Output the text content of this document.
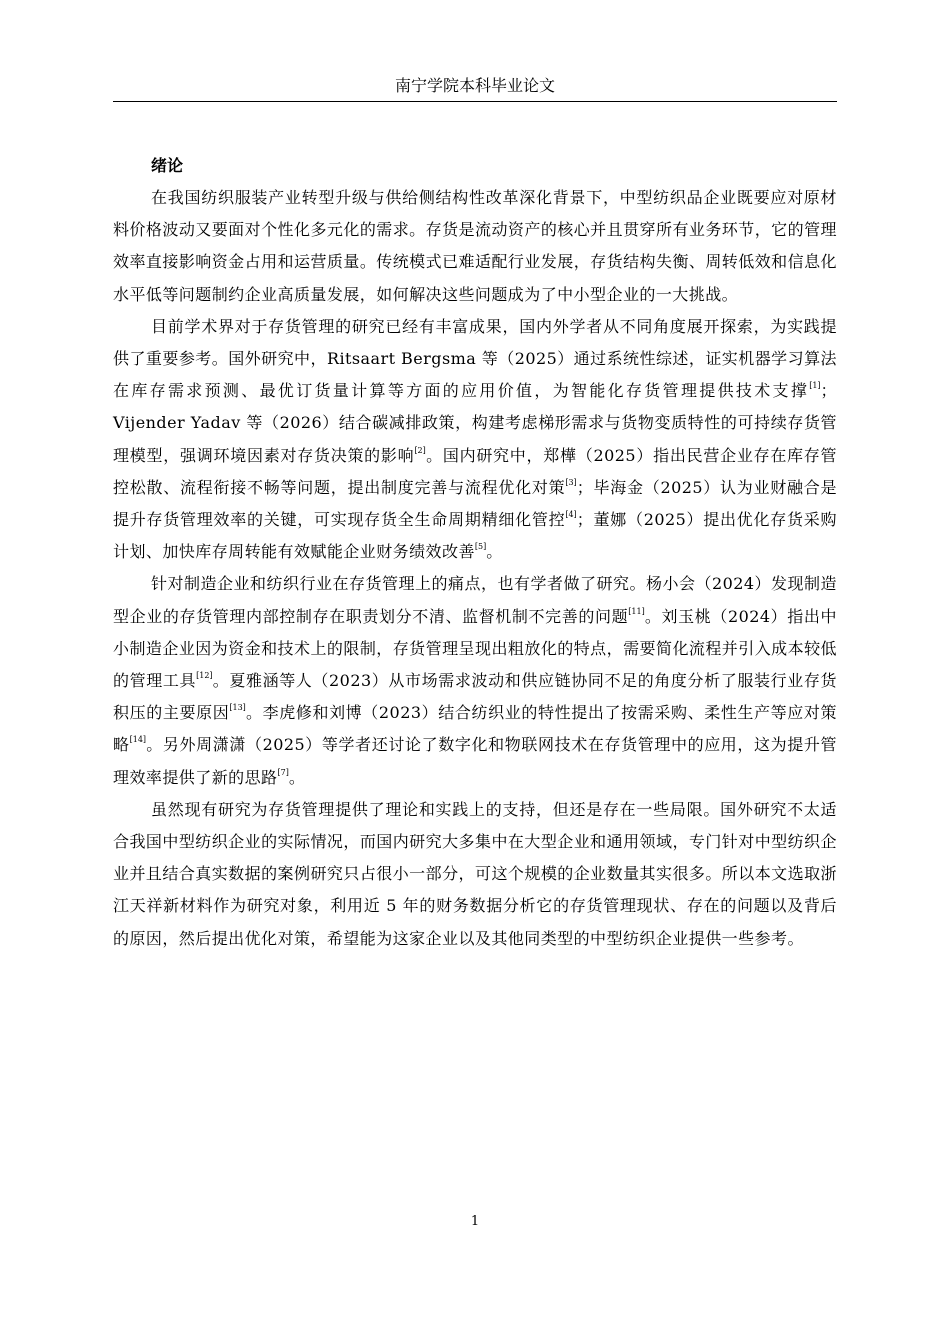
南宁学院本科毕业论文
绪论

在我国纺织服装产业转型升级与供给侧结构性改革深化背景下，中型纺织品企业既要应对原材料价格波动又要面对个性化多元化的需求。存货是流动资产的核心并且贯穿所有业务环节，它的管理效率直接影响资金占用和运营质量。传统模式已难适配行业发展，存货结构失衡、周转低效和信息化水平低等问题制约企业高质量发展，如何解决这些问题成为了中小型企业的一大挑战。

目前学术界对于存货管理的研究已经有丰富成果，国内外学者从不同角度展开探索，为实践提供了重要参考。国外研究中，Ritsaart Bergsma 等（2025）通过系统性综述，证实机器学习算法在库存需求预测、最优订货量计算等方面的应用价值，为智能化存货管理提供技术支撑[1]；Vijender Yadav 等（2026）结合碳减排政策，构建考虑梯形需求与货物变质特性的可持续存货管理模型，强调环境因素对存货决策的影响[2]。国内研究中，郑樺（2025）指出民营企业存在库存管控松散、流程衔接不畅等问题，提出制度完善与流程优化对策[3]；毕海金（2025）认为业财融合是提升存货管理效率的关键，可实现存货全生命周期精细化管控[4]；董娜（2025）提出优化存货采购计划、加快库存周转能有效赋能企业财务绩效改善[5]。

针对制造企业和纺织行业在存货管理上的痛点，也有学者做了研究。杨小会（2024）发现制造型企业的存货管理内部控制存在职责划分不清、监督机制不完善的问题[11]。刘玉桃（2024）指出中小制造企业因为资金和技术上的限制，存货管理呈现出粗放化的特点，需要简化流程并引入成本较低的管理工具[12]。夏雅涵等人（2023）从市场需求波动和供应链协同不足的角度分析了服装行业存货积压的主要原因[13]。李虎修和刘博（2023）结合纺织业的特性提出了按需采购、柔性生产等应对策略[14]。另外周潇潇（2025）等学者还讨论了数字化和物联网技术在存货管理中的应用，这为提升管理效率提供了新的思路[7]。

虽然现有研究为存货管理提供了理论和实践上的支持，但还是存在一些局限。国外研究不太适合我国中型纺织企业的实际情况，而国内研究大多集中在大型企业和通用领域，专门针对中型纺织企业并且结合真实数据的案例研究只占很小一部分，可这个规模的企业数量其实很多。所以本文选取浙江天祥新材料作为研究对象，利用近 5 年的财务数据分析它的存货管理现状、存在的问题以及背后的原因，然后提出优化对策，希望能为这家企业以及其他同类型的中型纺织企业提供一些参考。

1
